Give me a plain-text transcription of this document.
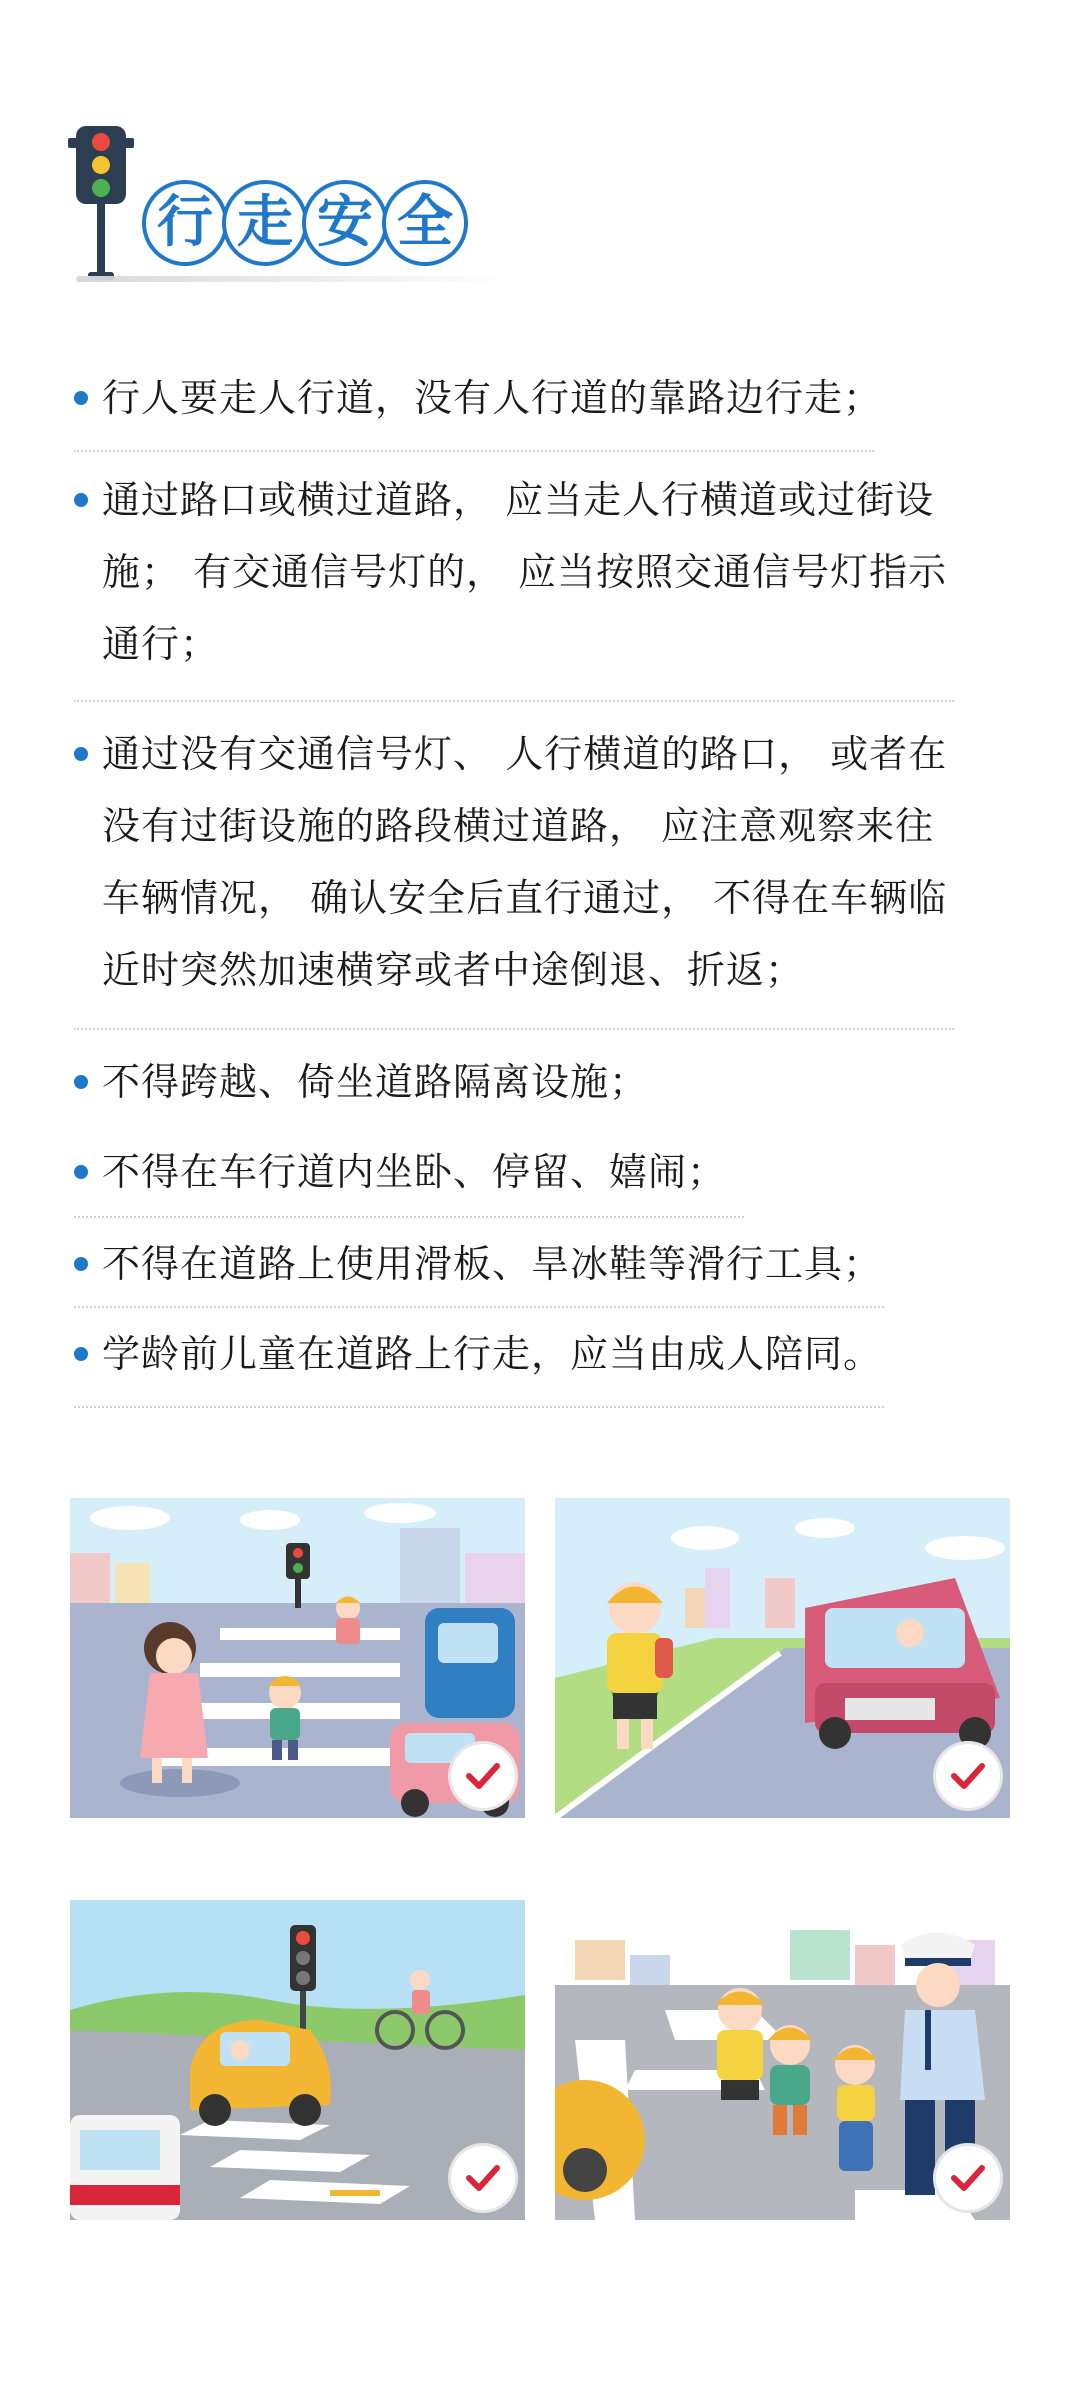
行 走 安 全
行人要走人行道，没有人行道的靠路边行走；
通过路口或横过道路， 应当走人行横道或过街设施； 有交通信号灯的， 应当按照交通信号灯指示通行；
通过没有交通信号灯、 人行横道的路口， 或者在没有过街设施的路段横过道路， 应注意观察来往车辆情况， 确认安全后直行通过， 不得在车辆临近时突然加速横穿或者中途倒退、折返；
不得跨越、倚坐道路隔离设施；
不得在车行道内坐卧、停留、嬉闹；
不得在道路上使用滑板、旱冰鞋等滑行工具；
学龄前儿童在道路上行走，应当由成人陪同。
